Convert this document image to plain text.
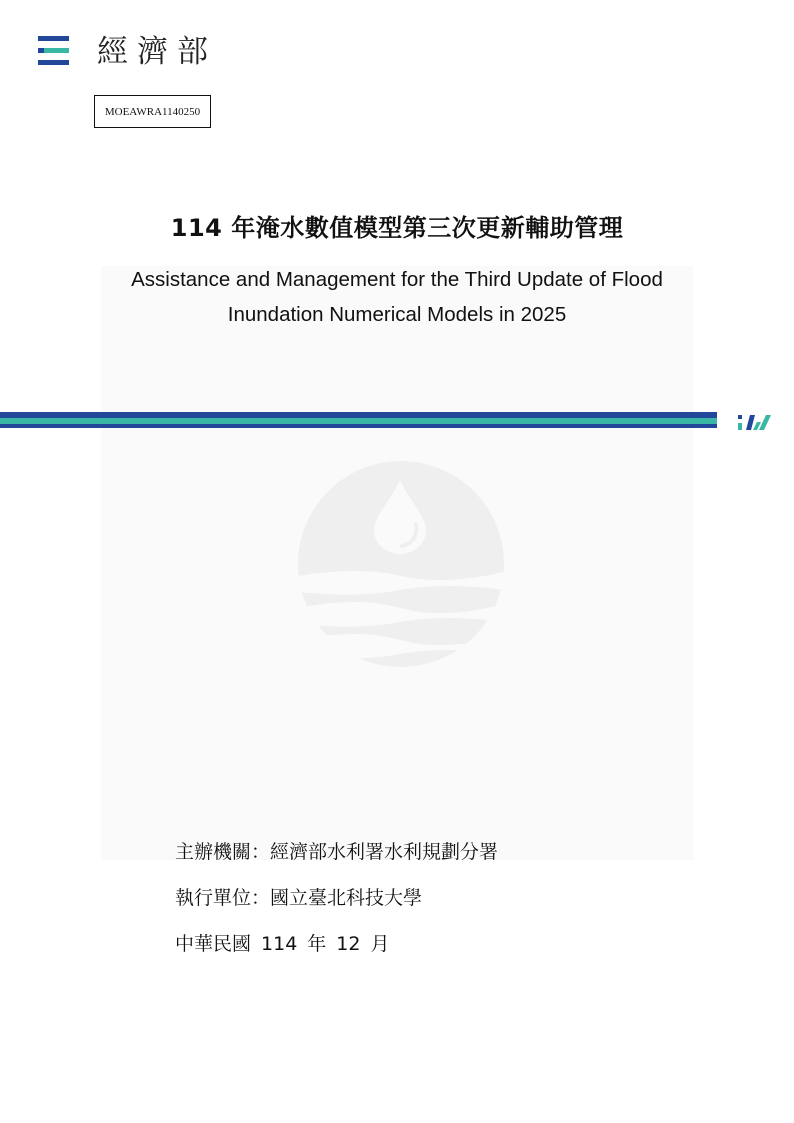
經濟部
MOEAWRA1140250
114 年淹水數值模型第三次更新輔助管理
Assistance and Management for the Third Update of Flood
Inundation Numerical Models in 2025
主辦機關：經濟部水利署水利規劃分署
執行單位：國立臺北科技大學
中華民國 114 年 12 月
